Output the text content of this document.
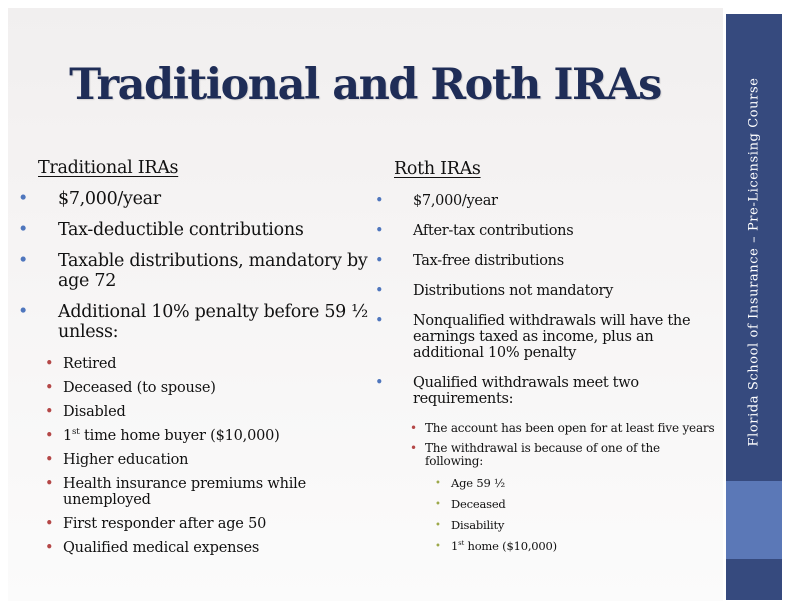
Traditional and Roth IRAs	Florida School of Insurance – Pre-Licensing Course
Traditional IRAs
• $7,000/year
• Tax-deductible contributions
• Taxable distributions, mandatory by age 72
• Additional 10% penalty before 59 ½ unless:
• Retired
• Deceased (to spouse)
• Disabled
• 1st time home buyer ($10,000)
• Higher education
• Health insurance premiums while unemployed
• First responder after age 50
• Qualified medical expenses
Roth IRAs
• $7,000/year
• After-tax contributions
• Tax-free distributions
• Distributions not mandatory
• Nonqualified withdrawals will have the earnings taxed as income, plus an additional 10% penalty
• Qualified withdrawals meet two requirements:
• The account has been open for at least five years
• The withdrawal is because of one of the following:
• Age 59 ½
• Deceased
• Disability
• 1st home ($10,000)
